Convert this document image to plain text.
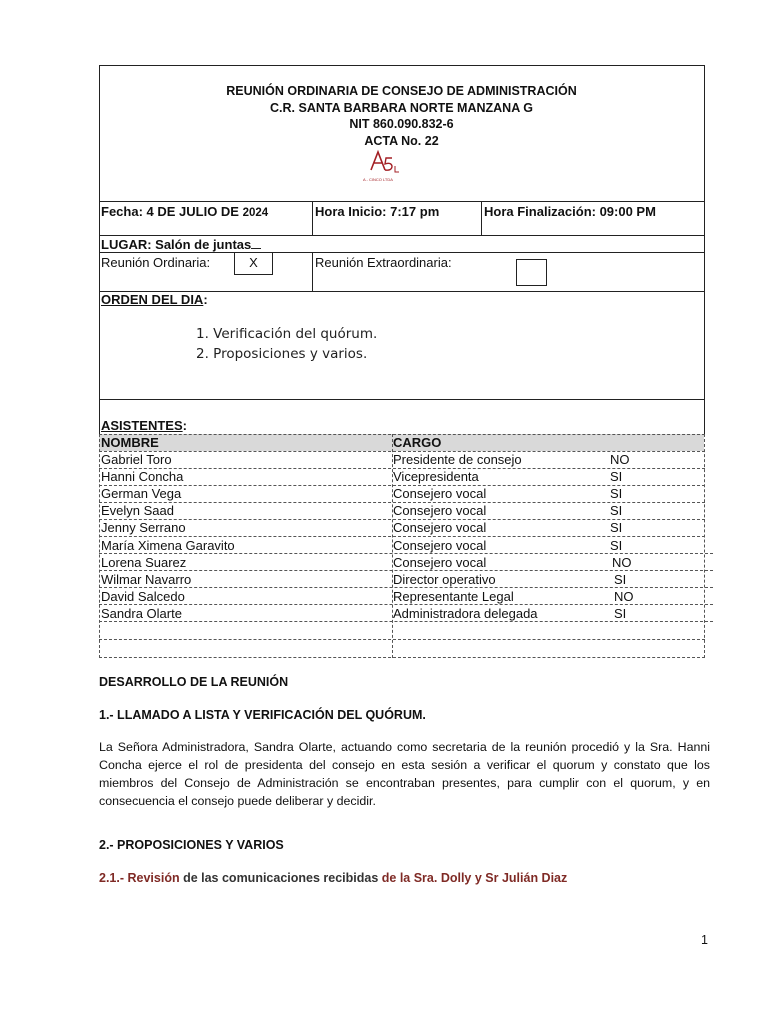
REUNIÓN ORDINARIA DE CONSEJO DE ADMINISTRACIÓN
C.R. SANTA BARBARA NORTE MANZANA G
NIT 860.090.832-6
ACTA No. 22
A - CINCO LTDA
Fecha: 4 DE JULIO DE 2024	Hora Inicio: 7:17 pm	Hora Finalización: 09:00 PM
LUGAR: Salón de juntas
Reunión Ordinaria:	X	Reunión Extraordinaria:
ORDEN DEL DIA:
1. Verificación del quórum.
2. Proposiciones y varios.
ASISTENTES:
NOMBRE	CARGO
Gabriel Toro	Presidente de consejo	NO
Hanni Concha	Vicepresidenta	SI
German Vega	Consejero vocal	SI
Evelyn Saad	Consejero vocal	SI
Jenny Serrano	Consejero vocal	SI
María Ximena Garavito	Consejero vocal	SI
Lorena Suarez	Consejero vocal	NO
Wilmar Navarro	Director operativo	SI
David Salcedo	Representante Legal	NO
Sandra Olarte	Administradora delegada	SI
DESARROLLO DE LA REUNIÓN
1.- LLAMADO A LISTA Y VERIFICACIÓN DEL QUÓRUM.
La Señora Administradora, Sandra Olarte, actuando como secretaria de la reunión procedió y la Sra. Hanni Concha ejerce el rol de presidenta del consejo en esta sesión a verificar el quorum y constato que los miembros del Consejo de Administración se encontraban presentes, para cumplir con el quorum, y en consecuencia el consejo puede deliberar y decidir.
2.- PROPOSICIONES Y VARIOS
2.1.- Revisión de las comunicaciones recibidas de la Sra. Dolly y Sr Julián Diaz
1
